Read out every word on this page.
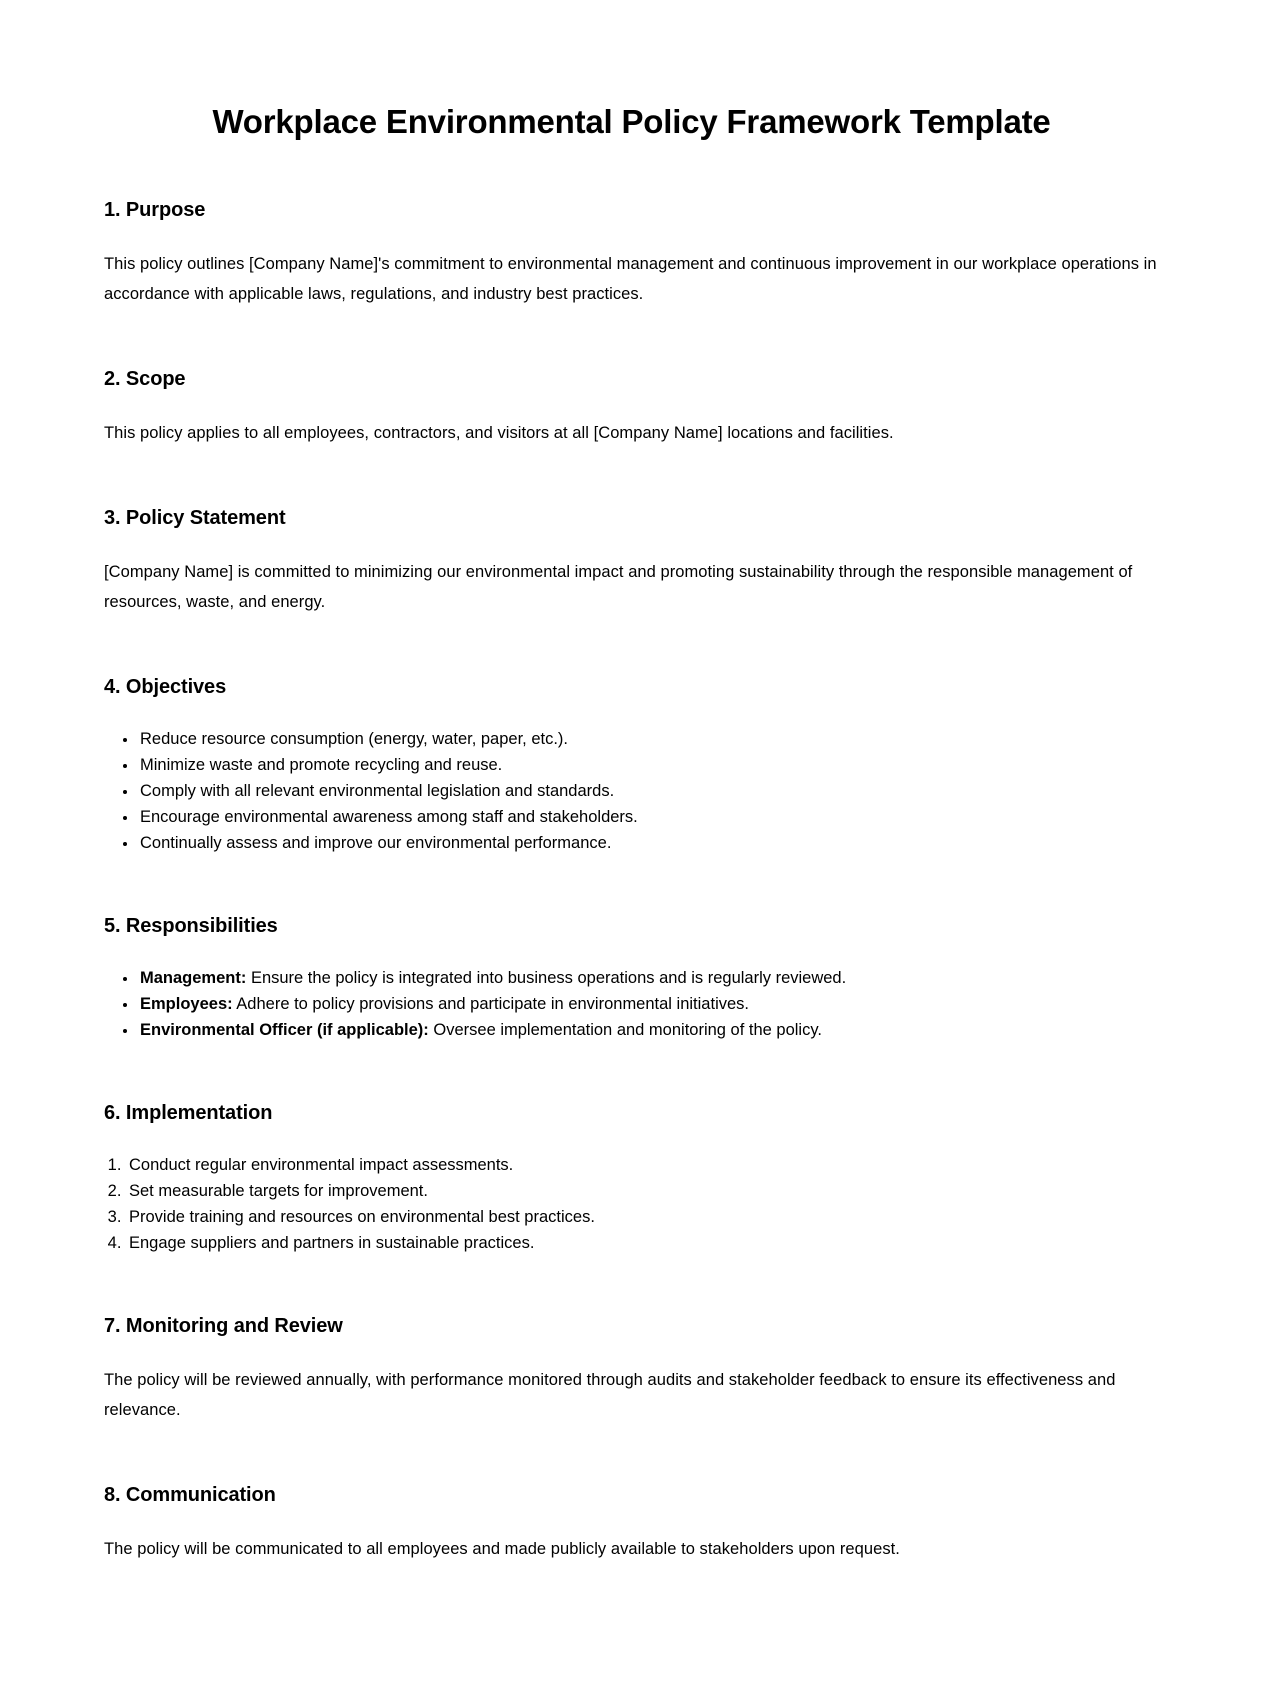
Workplace Environmental Policy Framework Template
1. Purpose

This policy outlines [Company Name]'s commitment to environmental management and continuous improvement in our workplace operations in accordance with applicable laws, regulations, and industry best practices.

2. Scope

This policy applies to all employees, contractors, and visitors at all [Company Name] locations and facilities.

3. Policy Statement

[Company Name] is committed to minimizing our environmental impact and promoting sustainability through the responsible management of resources, waste, and energy.

4. Objectives
• Reduce resource consumption (energy, water, paper, etc.).
• Minimize waste and promote recycling and reuse.
• Comply with all relevant environmental legislation and standards.
• Encourage environmental awareness among staff and stakeholders.
• Continually assess and improve our environmental performance.
5. Responsibilities
• Management: Ensure the policy is integrated into business operations and is regularly reviewed.
• Employees: Adhere to policy provisions and participate in environmental initiatives.
• Environmental Officer (if applicable): Oversee implementation and monitoring of the policy.
6. Implementation
1. Conduct regular environmental impact assessments.
2. Set measurable targets for improvement.
3. Provide training and resources on environmental best practices.
4. Engage suppliers and partners in sustainable practices.
7. Monitoring and Review

The policy will be reviewed annually, with performance monitored through audits and stakeholder feedback to ensure its effectiveness and relevance.

8. Communication

The policy will be communicated to all employees and made publicly available to stakeholders upon request.
